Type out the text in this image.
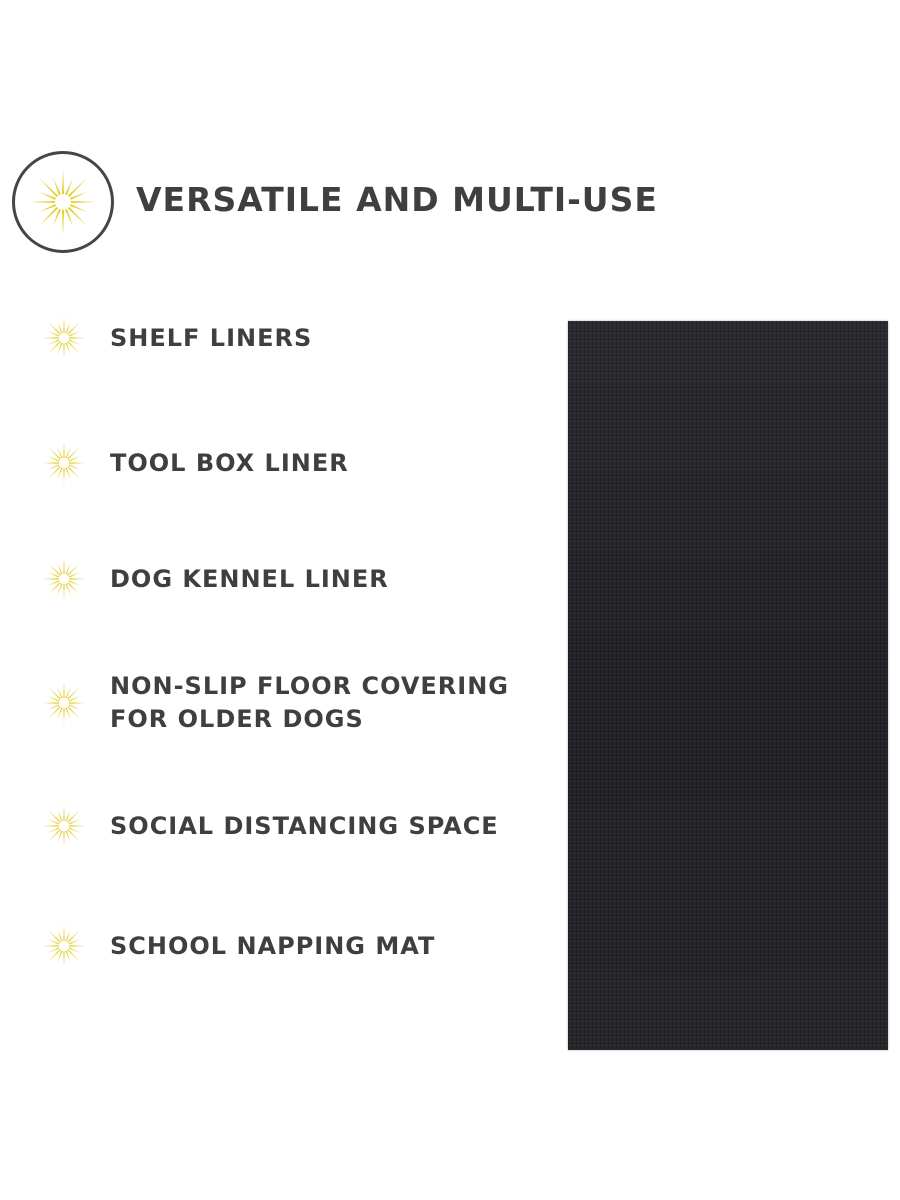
VERSATILE AND MULTI-USE
SHELF LINERS
TOOL BOX LINER
DOG KENNEL LINER
NON-SLIP FLOOR COVERING
FOR OLDER DOGS
SOCIAL DISTANCING SPACE
SCHOOL NAPPING MAT
